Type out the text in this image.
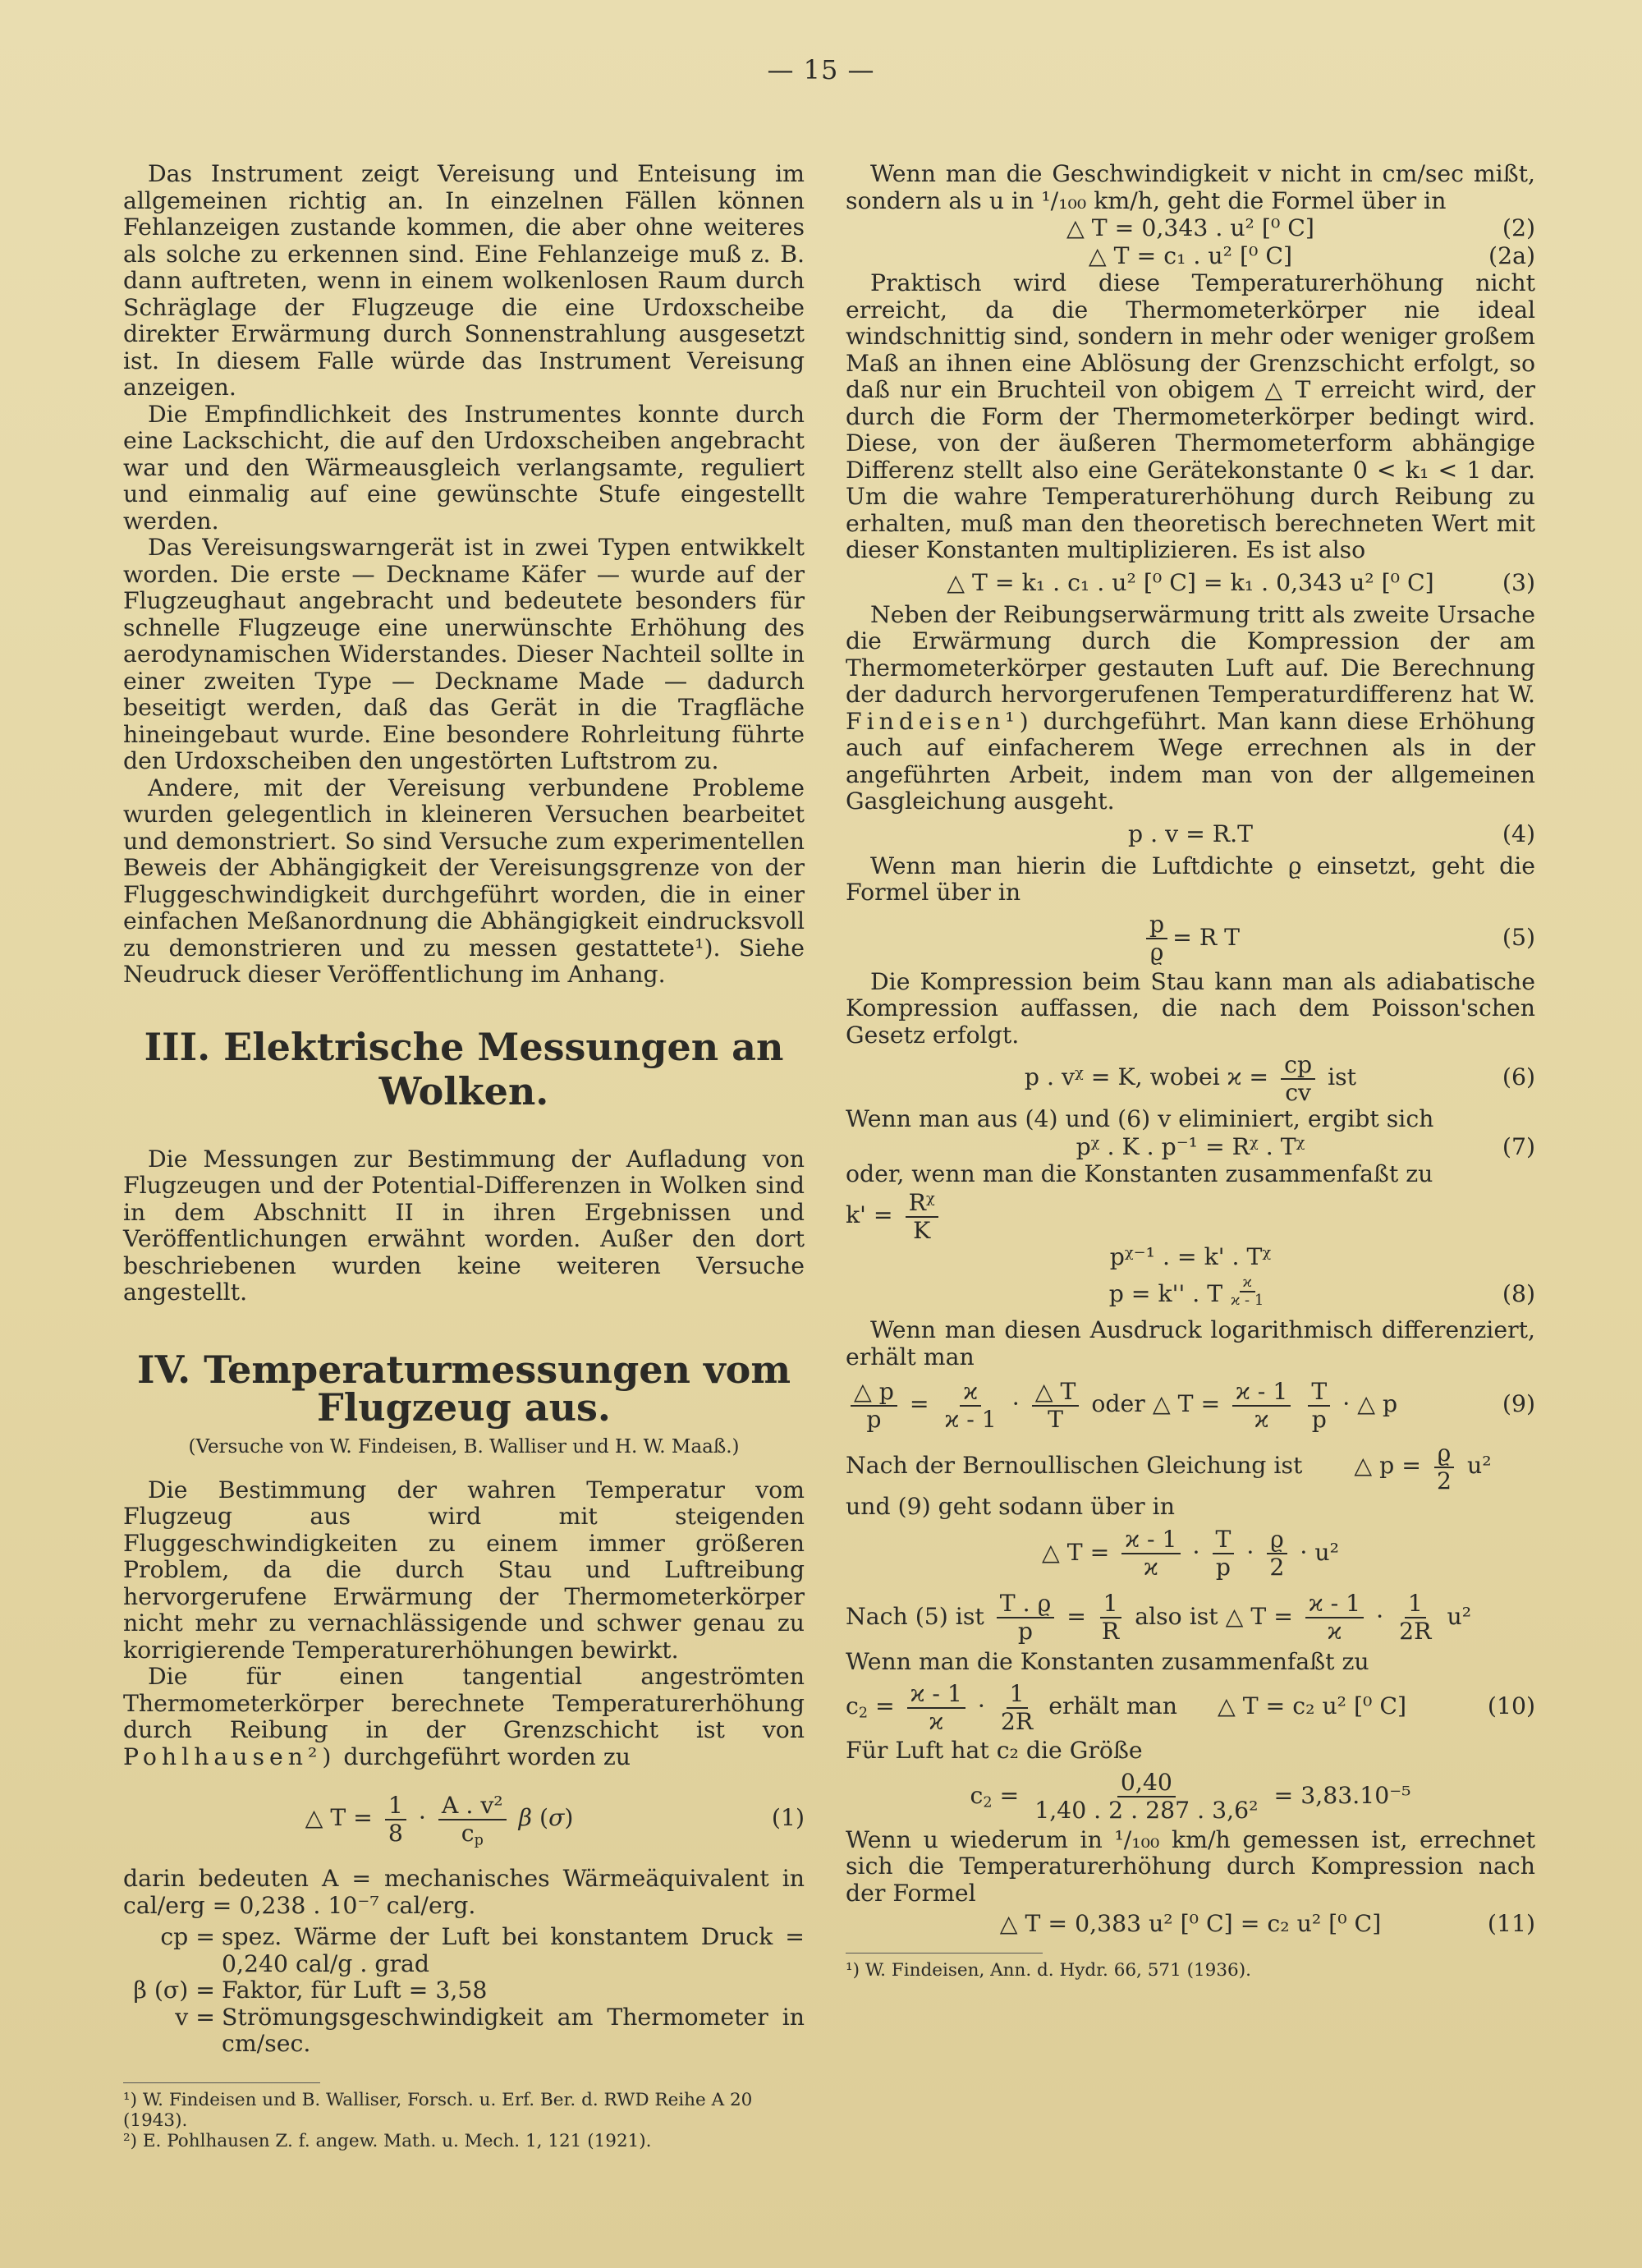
— 15 —

Das Instrument zeigt Vereisung und Enteisung im allgemeinen richtig an. In einzelnen Fällen können Fehlanzeigen zustande kommen, die aber ohne weiteres als solche zu erkennen sind. Eine Fehlanzeige muß z. B. dann auftreten, wenn in einem wolkenlosen Raum durch Schräglage der Flugzeuge die eine Urdoxscheibe direkter Erwärmung durch Sonnenstrahlung ausgesetzt ist. In diesem Falle würde das Instrument Vereisung anzeigen.

Die Empfindlichkeit des Instrumentes konnte durch eine Lackschicht, die auf den Urdoxscheiben angebracht war und den Wärmeausgleich verlangsamte, reguliert und einmalig auf eine gewünschte Stufe eingestellt werden.

Das Vereisungswarngerät ist in zwei Typen entwikkelt worden. Die erste — Deckname Käfer — wurde auf der Flugzeughaut angebracht und bedeutete besonders für schnelle Flugzeuge eine unerwünschte Erhöhung des aerodynamischen Widerstandes. Dieser Nachteil sollte in einer zweiten Type — Deckname Made — dadurch beseitigt werden, daß das Gerät in die Tragfläche hineingebaut wurde. Eine besondere Rohrleitung führte den Urdoxscheiben den ungestörten Luftstrom zu.

Andere, mit der Vereisung verbundene Probleme wurden gelegentlich in kleineren Versuchen bearbeitet und demonstriert. So sind Versuche zum experimentellen Beweis der Abhängigkeit der Vereisungsgrenze von der Fluggeschwindigkeit durchgeführt worden, die in einer einfachen Meßanordnung die Abhängigkeit eindrucksvoll zu demonstrieren und zu messen gestattete¹). Siehe Neudruck dieser Veröffentlichung im Anhang.

III. Elektrische Messungen an Wolken.

Die Messungen zur Bestimmung der Aufladung von Flugzeugen und der Potential-Differenzen in Wolken sind in dem Abschnitt II in ihren Ergebnissen und Veröffentlichungen erwähnt worden. Außer den dort beschriebenen wurden keine weiteren Versuche angestellt.

IV. Temperaturmessungen vom Flugzeug aus.
(Versuche von W. Findeisen, B. Walliser und H. W. Maaß.)

Die Bestimmung der wahren Temperatur vom Flugzeug aus wird mit steigenden Fluggeschwindigkeiten zu einem immer größeren Problem, da die durch Stau und Luftreibung hervorgerufene Erwärmung der Thermometerkörper nicht mehr zu vernachlässigende und schwer genau zu korrigierende Temperaturerhöhungen bewirkt.

Die für einen tangential angeströmten Thermometerkörper berechnete Temperaturerhöhung durch Reibung in der Grenzschicht ist von Pohlhausen²) durchgeführt worden zu

△ $T = \frac{1}{8} \cdot \frac{\text{A . v²}}{c_p}$ β (σ)	(1)

darin bedeuten A = mechanisches Wärmeäquivalent in cal/erg = 0,238 . 10⁻⁷ cal/erg.

cp = spez. Wärme der Luft bei konstantem Druck = 0,240 cal/g . grad
β (σ) = Faktor, für Luft = 3,58
v = Strömungsgeschwindigkeit am Thermometer in cm/sec.

¹) W. Findeisen und B. Walliser, Forsch. u. Erf. Ber. d. RWD Reihe A 20 (1943).

²) E. Pohlhausen Z. f. angew. Math. u. Mech. 1, 121 (1921).

Wenn man die Geschwindigkeit v nicht in cm/sec mißt, sondern als u in ¹/₁₀₀ km/h, geht die Formel über in

△ T = 0,343 . u² [⁰ C]	(2)
△ T = c₁ . u² [⁰ C]	(2a)

Praktisch wird diese Temperaturerhöhung nicht erreicht, da die Thermometerkörper nie ideal windschnittig sind, sondern in mehr oder weniger großem Maß an ihnen eine Ablösung der Grenzschicht erfolgt, so daß nur ein Bruchteil von obigem △ T erreicht wird, der durch die Form der Thermometerkörper bedingt wird. Diese, von der äußeren Thermometerform abhängige Differenz stellt also eine Gerätekonstante 0 < k₁ < 1 dar. Um die wahre Temperaturerhöhung durch Reibung zu erhalten, muß man den theoretisch berechneten Wert mit dieser Konstanten multiplizieren. Es ist also

△ T = k₁ . c₁ . u² [⁰ C] = k₁ . 0,343 u² [⁰ C]	(3)

Neben der Reibungserwärmung tritt als zweite Ursache die Erwärmung durch die Kompression der am Thermometerkörper gestauten Luft auf. Die Berechnung der dadurch hervorgerufenen Temperaturdifferenz hat W. Findeisen¹) durchgeführt. Man kann diese Erhöhung auch auf einfacherem Wege errechnen als in der angeführten Arbeit, indem man von der allgemeinen Gasgleichung ausgeht.

p . v = R.T	(4)

Wenn man hierin die Luftdichte ϱ einsetzt, geht die Formel über in

$\frac{p}{ϱ} = R$ T	(5)

Die Kompression beim Stau kann man als adiabatische Kompression auffassen, die nach dem Poisson'schen Gesetz erfolgt.

p . vᵡ = K, wobei $ϰ = \frac{cp}{cv}$ ist	(6)

Wenn man aus (4) und (6) v eliminiert, ergibt sich

pᵡ . K . p⁻¹ = Rᵡ . Tᵡ	(7)

oder, wenn man die Konstanten zusammenfaßt zu

$k' = \frac{\text{Rᵡ}}{K}$
pᵡ⁻¹ . = k' . Tᵡ
p = k'' . T $\frac{ϰ}{ϰ - 1}$	(8)

Wenn man diesen Ausdruck logarithmisch differenziert, erhält man

$\frac{\triangle p}{p} = \frac{ϰ}{ϰ - 1} \cdot \frac{\triangle T}{T}$ oder △ $T = \frac{ϰ - 1}{ϰ}$
$\frac{T}{p}$ · △ p	(9)
Nach der Bernoullischen Gleichung ist △ $p = \frac{ϱ}{2} u^2$

und (9) geht sodann über in

△ $T = \frac{ϰ - 1}{ϰ} \cdot \frac{T}{p} \cdot \frac{ϱ}{2} \cdot u^2$
Nach (5) ist $\frac{T . ϱ}{p} = \frac{1}{R}$ also ist △ $T = \frac{ϰ - 1}{ϰ} \cdot \frac{1}{2R} u^2$

Wenn man die Konstanten zusammenfaßt zu

$c_2 = \frac{ϰ - 1}{ϰ} \cdot \frac{1}{2R}$ erhält man △ T = c₂ u² [⁰ C]	(10)

Für Luft hat c₂ die Größe

$c_2 = \frac{0,40}{\text{1,40 . 2 . 287 . 3,6²}} = 3,83.10^{-5}$

Wenn u wiederum in ¹/₁₀₀ km/h gemessen ist, errechnet sich die Temperaturerhöhung durch Kompression nach der Formel

△ T = 0,383 u² [⁰ C] = c₂ u² [⁰ C]	(11)

¹) W. Findeisen, Ann. d. Hydr. 66, 571 (1936).
